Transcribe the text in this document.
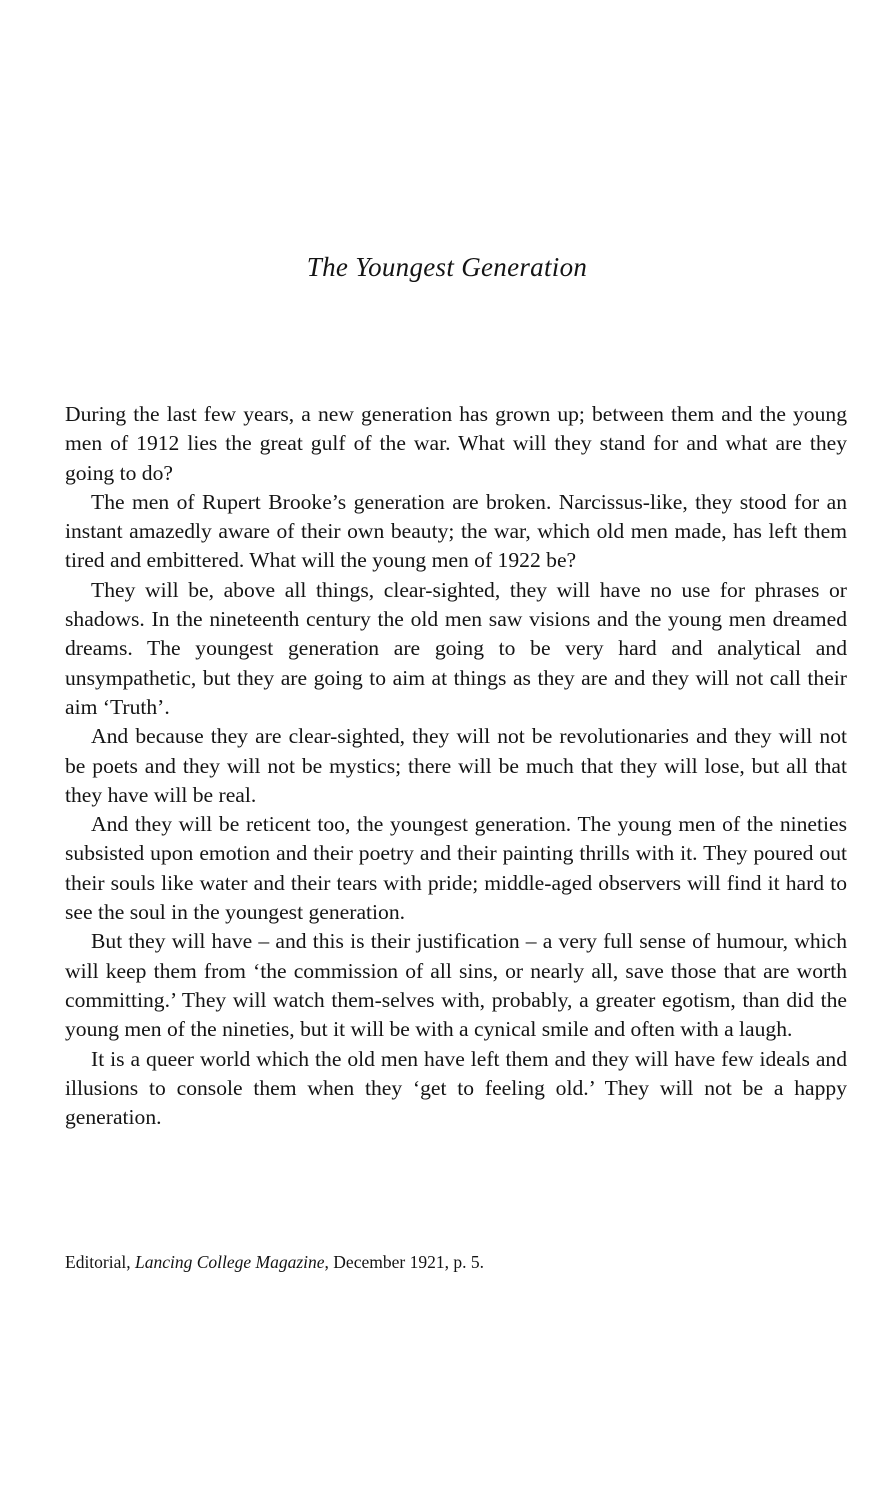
The Youngest Generation

During the last few years, a new generation has grown up; between them and the young men of 1912 lies the great gulf of the war. What will they stand for and what are they going to do?

The men of Rupert Brooke’s generation are broken. Narcissus-like, they stood for an instant amazedly aware of their own beauty; the war, which old men made, has left them tired and embittered. What will the young men of 1922 be?

They will be, above all things, clear-sighted, they will have no use for phrases or shadows. In the nineteenth century the old men saw visions and the young men dreamed dreams. The youngest generation are going to be very hard and analytical and unsympathetic, but they are going to aim at things as they are and they will not call their aim ‘Truth’.

And because they are clear-sighted, they will not be revolutionaries and they will not be poets and they will not be mystics; there will be much that they will lose, but all that they have will be real.

And they will be reticent too, the youngest generation. The young men of the nineties subsisted upon emotion and their poetry and their painting thrills with it. They poured out their souls like water and their tears with pride; middle-aged observers will find it hard to see the soul in the youngest generation.

But they will have – and this is their justification – a very full sense of humour, which will keep them from ‘the commission of all sins, or nearly all, save those that are worth committing.’ They will watch them-selves with, probably, a greater egotism, than did the young men of the nineties, but it will be with a cynical smile and often with a laugh.

It is a queer world which the old men have left them and they will have few ideals and illusions to console them when they ‘get to feeling old.’ They will not be a happy generation.

Editorial, Lancing College Magazine, December 1921, p. 5.
